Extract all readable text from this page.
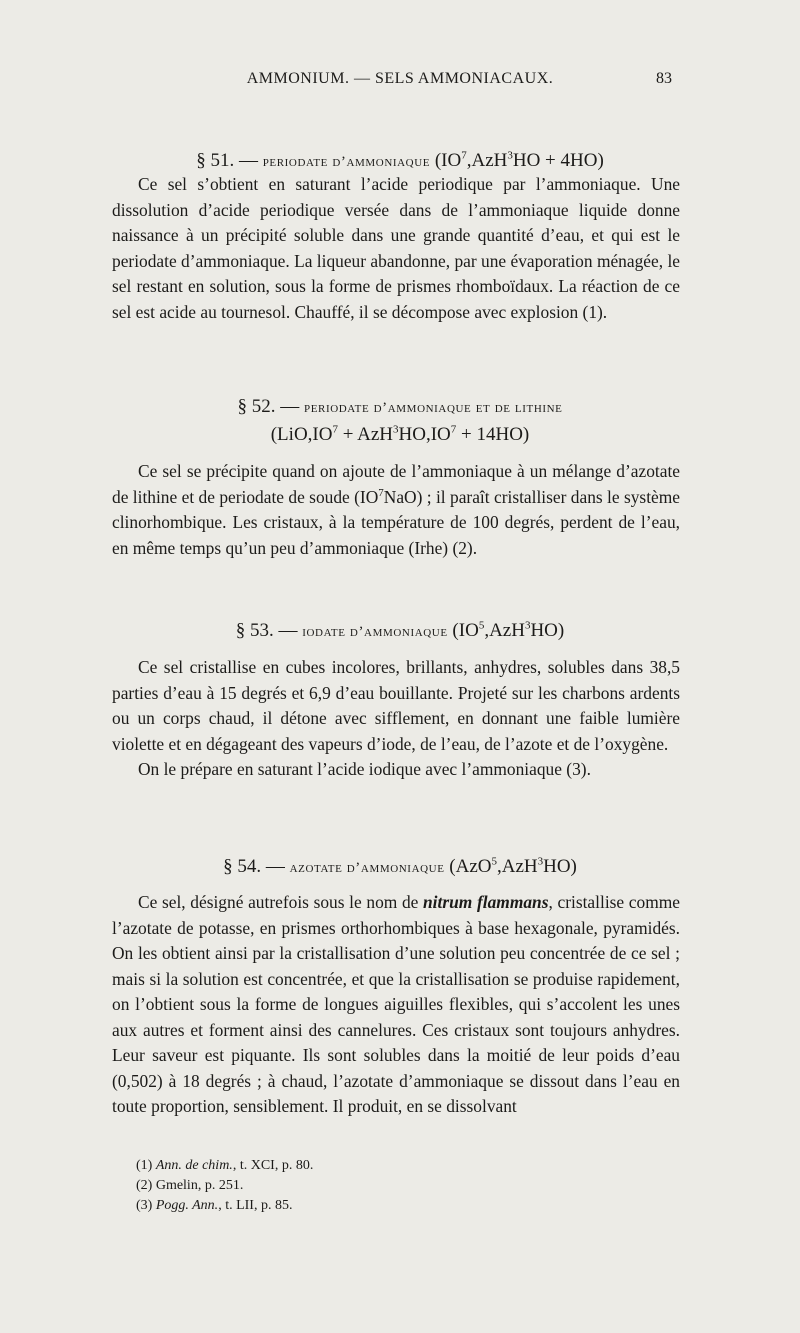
AMMONIUM. — SELS AMMONIACAUX.	83
§ 51. — periodate d’ammoniaque $(IO^7,AzH^3HO + 4HO)$

Ce sel s’obtient en saturant l’acide periodique par l’ammoniaque. Une dissolution d’acide periodique versée dans de l’ammoniaque liquide donne naissance à un précipité soluble dans une grande quantité d’eau, et qui est le periodate d’ammoniaque. La liqueur abandonne, par une évaporation ménagée, le sel restant en solution, sous la forme de prismes rhomboïdaux. La réaction de ce sel est acide au tournesol. Chauffé, il se décompose avec explosion (1).

§ 52. — periodate d’ammoniaque et de lithine
$(LiO,IO^7 + AzH^3HO,IO^7 + 14HO)$

Ce sel se précipite quand on ajoute de l’ammoniaque à un mélange d’azotate de lithine et de periodate de soude $(IO^7NaO)$ ; il paraît cristalliser dans le système clinorhombique. Les cristaux, à la température de 100 degrés, perdent de l’eau, en même temps qu’un peu d’ammoniaque (Irhe) (2).

§ 53. — iodate d’ammoniaque $(IO^5,AzH^3HO)$

Ce sel cristallise en cubes incolores, brillants, anhydres, solubles dans 38,5 parties d’eau à 15 degrés et 6,9 d’eau bouillante. Projeté sur les charbons ardents ou un corps chaud, il détone avec sifflement, en donnant une faible lumière violette et en dégageant des vapeurs d’iode, de l’eau, de l’azote et de l’oxygène.

On le prépare en saturant l’acide iodique avec l’ammoniaque (3).

§ 54. — azotate d’ammoniaque (AzO$^5$,AzH$^3$HO)

Ce sel, désigné autrefois sous le nom de nitrum flammans, cristallise comme l’azotate de potasse, en prismes orthorhombiques à base hexagonale, pyramidés. On les obtient ainsi par la cristallisation d’une solution peu concentrée de ce sel ; mais si la solution est concentrée, et que la cristallisation se produise rapidement, on l’obtient sous la forme de longues aiguilles flexibles, qui s’accolent les unes aux autres et forment ainsi des cannelures. Ces cristaux sont toujours anhydres. Leur saveur est piquante. Ils sont solubles dans la moitié de leur poids d’eau (0,502) à 18 degrés ; à chaud, l’azotate d’ammoniaque se dissout dans l’eau en toute proportion, sensiblement. Il produit, en se dissolvant

(1) Ann. de chim., t. XCI, p. 80.
(2) Gmelin, p. 251.
(3) Pogg. Ann., t. LII, p. 85.
